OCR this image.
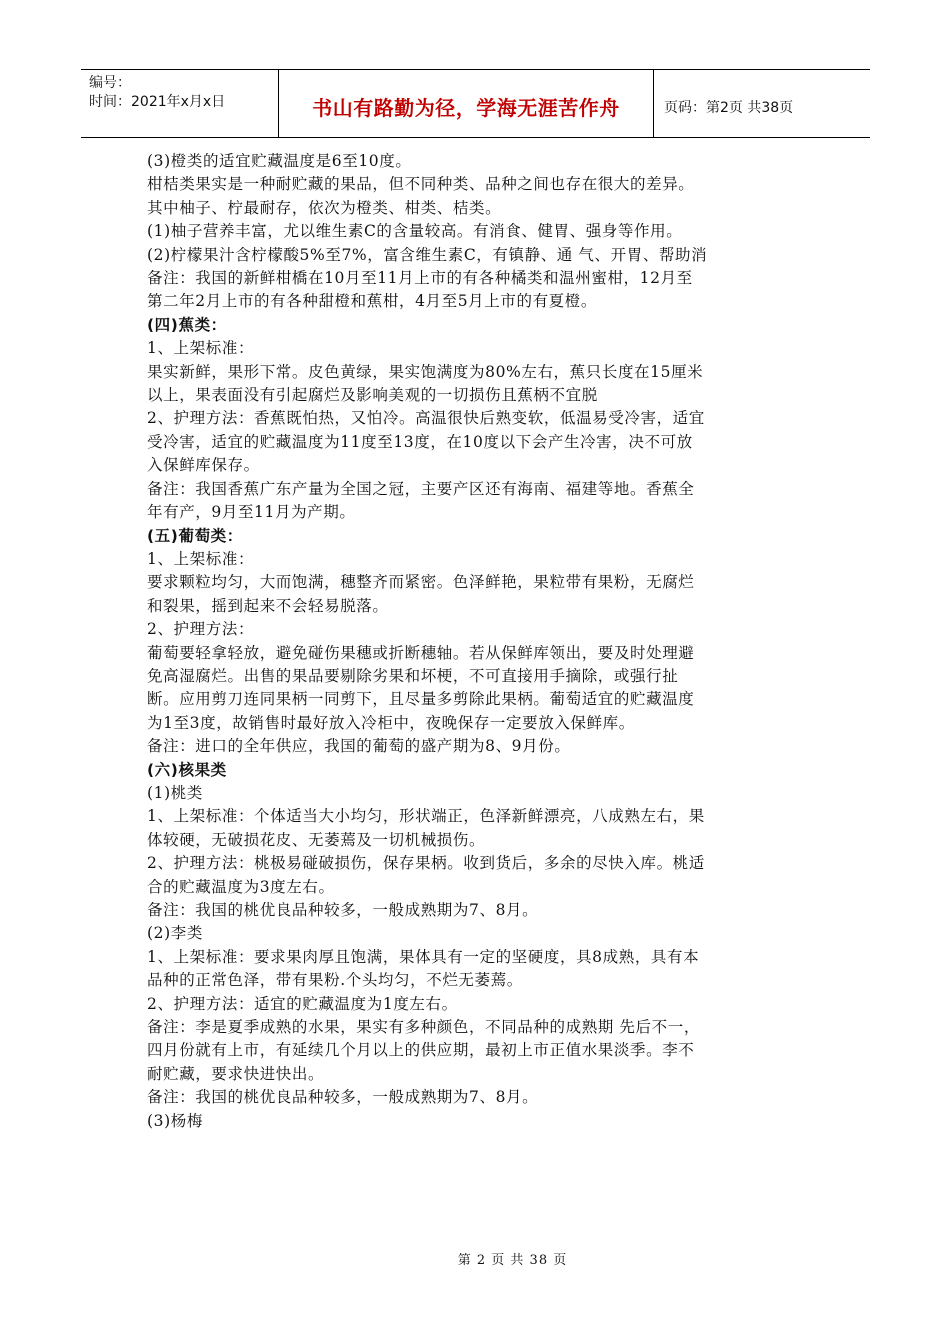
编号：
时间：2021年x月x日	书山有路勤为径，学海无涯苦作舟	页码：第2页 共38页

(3)橙类的适宜贮藏温度是6至10度。

柑桔类果实是一种耐贮藏的果品，但不同种类、品种之间也存在很大的差异。

其中柚子、柠最耐存，依次为橙类、柑类、桔类。

(1)柚子营养丰富，尤以维生素C的含量较高。有消食、健胃、强身等作用。

(2)柠檬果汁含柠檬酸5%至7%，富含维生素C，有镇静、通 气、开胃、帮助消

备注：我国的新鲜柑橋在10月至11月上市的有各种橘类和温州蜜柑，12月至

第二年2月上市的有各种甜橙和蕉柑，4月至5月上市的有夏橙。

(四)蕉类：

1、上架标准：

果实新鲜，果形下常。皮色黄绿，果实饱满度为80%左右，蕉只长度在15厘米

以上，果表面没有引起腐烂及影响美观的一切损伤且蕉柄不宜脱

2、护理方法：香蕉既怕热，又怕冷。高温很快后熟变软，低温易受冷害，适宜

受冷害，适宜的贮藏温度为11度至13度，在10度以下会产生冷害，决不可放

入保鲜库保存。

备注：我国香蕉广东产量为全国之冠，主要产区还有海南、福建等地。香蕉全

年有产，9月至11月为产期。

(五)葡萄类：

1、上架标准：

要求颗粒均匀，大而饱满，穗整齐而紧密。色泽鲜艳，果粒带有果粉，无腐烂

和裂果，摇到起来不会轻易脱落。

2、护理方法：

葡萄要轻拿轻放，避免碰伤果穗或折断穗轴。若从保鲜库领出，要及时处理避

免高湿腐烂。出售的果品要剔除劣果和坏梗，不可直接用手摘除，或强行扯

断。应用剪刀连同果柄一同剪下，且尽量多剪除此果柄。葡萄适宜的贮藏温度

为1至3度，故销售时最好放入冷柜中，夜晚保存一定要放入保鲜库。

备注：进口的全年供应，我国的葡萄的盛产期为8、9月份。

(六)核果类

(1)桃类

1、上架标准：个体适当大小均匀，形状端正，色泽新鲜漂亮，八成熟左右，果

体较硬，无破损花皮、无萎蔫及一切机械损伤。

2、护理方法：桃极易碰破损伤，保存果柄。收到货后，多余的尽快入库。桃适

合的贮藏温度为3度左右。

备注：我国的桃优良品种较多，一般成熟期为7、8月。

(2)李类

1、上架标准：要求果肉厚且饱满，果体具有一定的坚硬度，具8成熟，具有本

品种的正常色泽，带有果粉.个头均匀，不烂无萎蔫。

2、护理方法：适宜的贮藏温度为1度左右。

备注：李是夏季成熟的水果，果实有多种颜色，不同品种的成熟期 先后不一，

四月份就有上市，有延续几个月以上的供应期，最初上市正值水果淡季。李不

耐贮藏，要求快进快出。

备注：我国的桃优良品种较多，一般成熟期为7、8月。

(3)杨梅

第 2 页 共 38 页
